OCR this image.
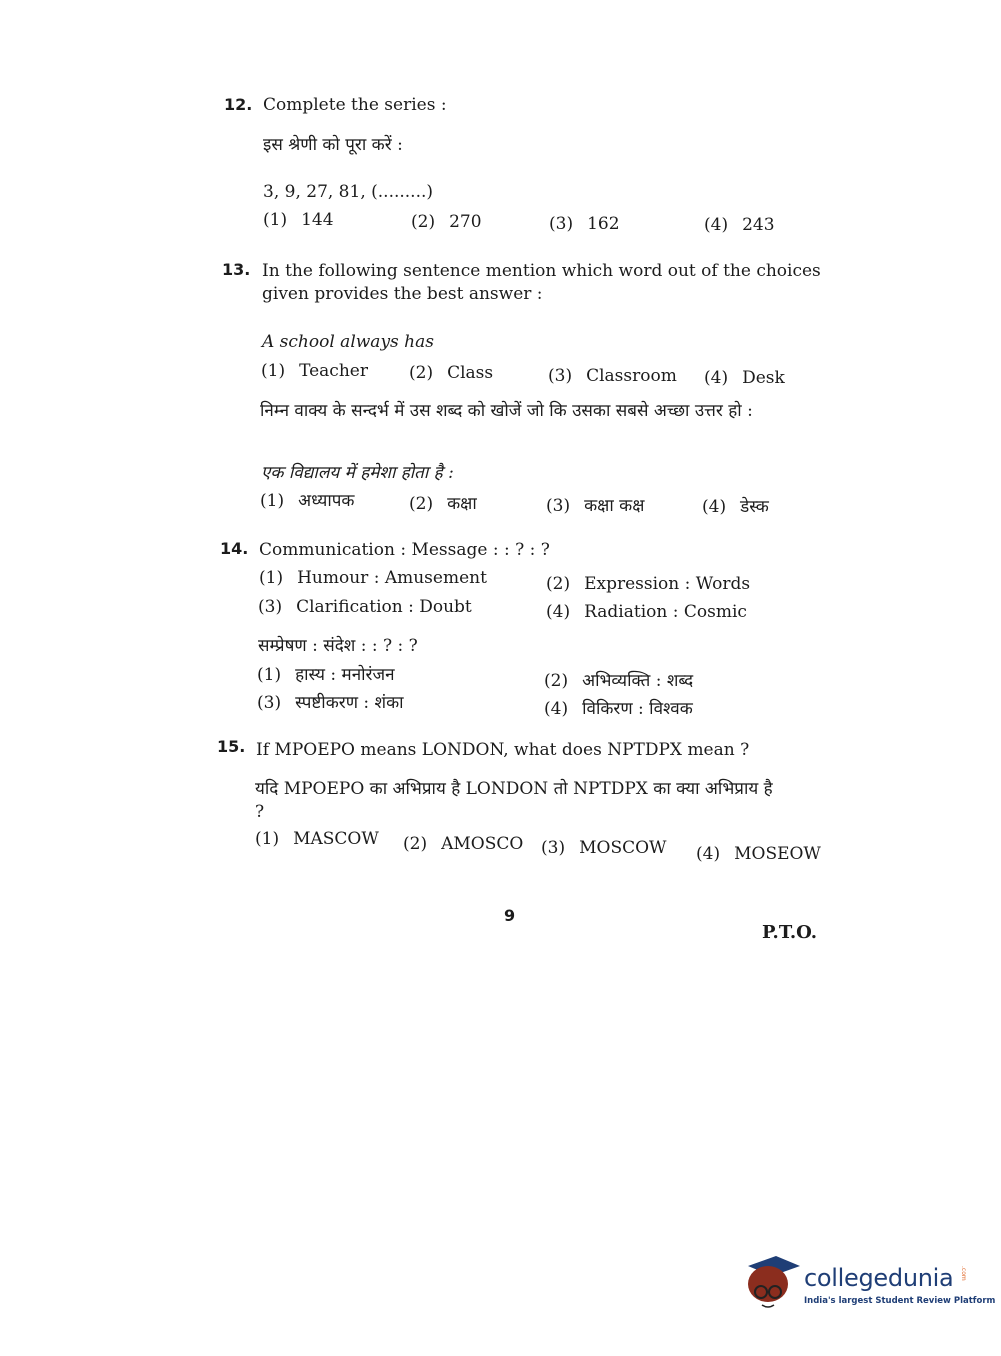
12. Complete the series :
इस श्रेणी को पूरा करें :
3, 9, 27, 81, (.........)
(1) 144	(2) 270	(3) 162	(4) 243
13. In the following sentence mention which word out of the choices given provides the best answer :
A school always has
(1) Teacher (2) Class	(3) Classroom (4) Desk
निम्न वाक्य के सन्दर्भ में उस शब्द को खोजें जो कि उसका सबसे अच्छा उत्तर हो :
एक विद्यालय में हमेशा होता है :
(1) अध्यापक	(2) कक्षा	(3) कक्षा कक्ष	(4) डेस्क
14. Communication : Message : : ? : ?
(1) Humour : Amusement	(2) Expression : Words
(3) Clarification : Doubt	(4) Radiation : Cosmic
सम्प्रेषण : संदेश : : ? : ?
(1) हास्य : मनोरंजन	(2) अभिव्यक्ति : शब्द
(3) स्पष्टीकरण : शंका	(4) विकिरण : विश्वक
15. If MPOEPO means LONDON, what does NPTDPX mean ?
यदि MPOEPO का अभिप्राय है LONDON तो NPTDPX का क्या अभिप्राय है ?
(1) MASCOW (2) AMOSCO (3) MOSCOW (4) MOSEOW
9
P.T.O.
collegedunia .com
India's largest Student Review Platform
